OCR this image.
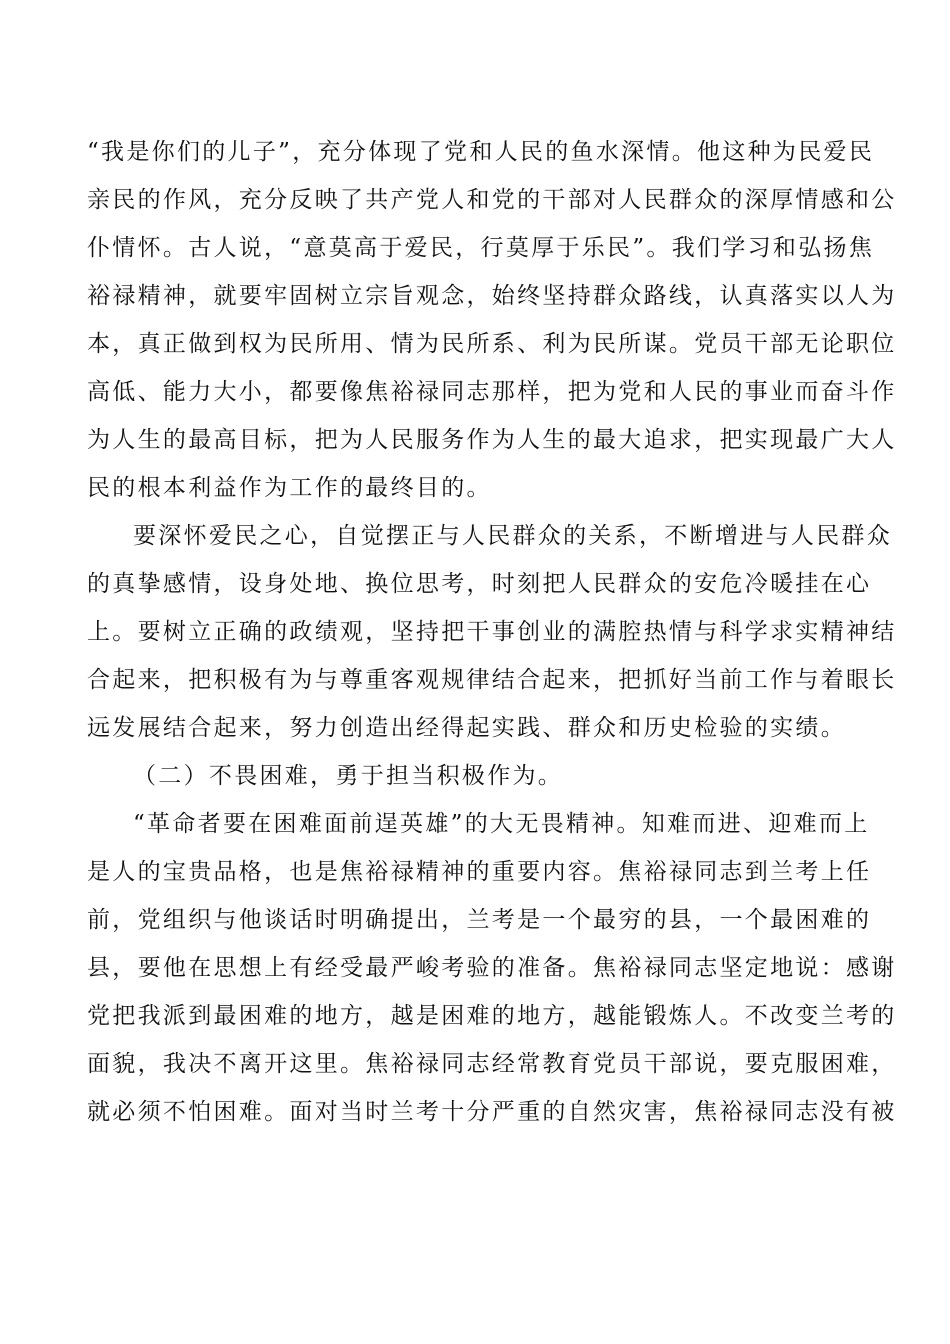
“我是你们的儿子”，充分体现了党和人民的鱼水深情。他这种为民爱民
亲民的作风，充分反映了共产党人和党的干部对人民群众的深厚情感和公
仆情怀。古人说，“意莫高于爱民，行莫厚于乐民”。我们学习和弘扬焦
裕禄精神，就要牢固树立宗旨观念，始终坚持群众路线，认真落实以人为
本，真正做到权为民所用、情为民所系、利为民所谋。党员干部无论职位
高低、能力大小，都要像焦裕禄同志那样，把为党和人民的事业而奋斗作
为人生的最高目标，把为人民服务作为人生的最大追求，把实现最广大人
民的根本利益作为工作的最终目的。
要深怀爱民之心，自觉摆正与人民群众的关系，不断增进与人民群众
的真挚感情，设身处地、换位思考，时刻把人民群众的安危冷暖挂在心
上。要树立正确的政绩观，坚持把干事创业的满腔热情与科学求实精神结
合起来，把积极有为与尊重客观规律结合起来，把抓好当前工作与着眼长
远发展结合起来，努力创造出经得起实践、群众和历史检验的实绩。
（二）不畏困难，勇于担当积极作为。
“革命者要在困难面前逞英雄”的大无畏精神。知难而进、迎难而上
是人的宝贵品格，也是焦裕禄精神的重要内容。焦裕禄同志到兰考上任
前，党组织与他谈话时明确提出，兰考是一个最穷的县，一个最困难的
县，要他在思想上有经受最严峻考验的准备。焦裕禄同志坚定地说：感谢
党把我派到最困难的地方，越是困难的地方，越能锻炼人。不改变兰考的
面貌，我决不离开这里。焦裕禄同志经常教育党员干部说，要克服困难，
就必须不怕困难。面对当时兰考十分严重的自然灾害，焦裕禄同志没有被
